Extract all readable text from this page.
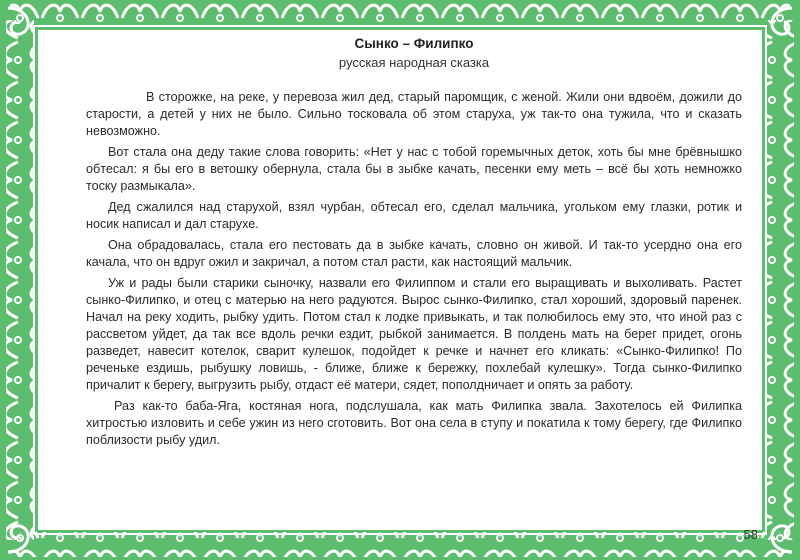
Сынко – Филипко
русская народная сказка

В сторожке, на реке, у перевоза жил дед, старый паромщик, с женой. Жили они вдвоём, дожили до старости, а детей у них не было. Сильно тосковала об этом старуха, уж так-то она тужила, что и сказать невозможно.

Вот стала она деду такие слова говорить: «Нет у нас с тобой горемычных деток, хоть бы мне брёвнышко обтесал: я бы его в ветошку обернула, стала бы в зыбке качать, песенки ему меть – всё бы хоть немножко тоску размыкала».

Дед сжалился над старухой, взял чурбан, обтесал его, сделал мальчика, угольком ему глазки, ротик и носик написал и дал старухе.

Она обрадовалась, стала его пестовать да в зыбке качать, словно он живой. И так-то усердно она его качала, что он вдруг ожил и закричал, а потом стал расти, как настоящий мальчик.

Уж и рады были старики сыночку, назвали его Филиппом и стали его выращивать и выхоливать. Растет сынко-Филипко, и отец с матерью на него радуются. Вырос сынко-Филипко, стал хороший, здоровый паренек. Начал на реку ходить, рыбку удить. Потом стал к лодке привыкать, и так полюбилось ему это, что иной раз с рассветом уйдет, да так все вдоль речки ездит, рыбкой занимается. В полдень мать на берег придет, огонь разведет, навесит котелок, сварит кулешок, подойдет к речке и начнет его кликать: «Сынко-Филипко! По реченьке ездишь, рыбушку ловишь, - ближе, ближе к бережку, похлебай кулешку». Тогда сынко-Филипко причалит к берегу, выгрузить рыбу, отдаст её матери, сядет, пополдничает и опять за работу.

Раз как-то баба-Яга, костяная нога, подслушала, как мать Филипка звала. Захотелось ей Филипка хитростью изловить и себе ужин из него сготовить. Вот она села в ступу и покатила к тому берегу, где Филипко поблизости рыбу удил.

58
